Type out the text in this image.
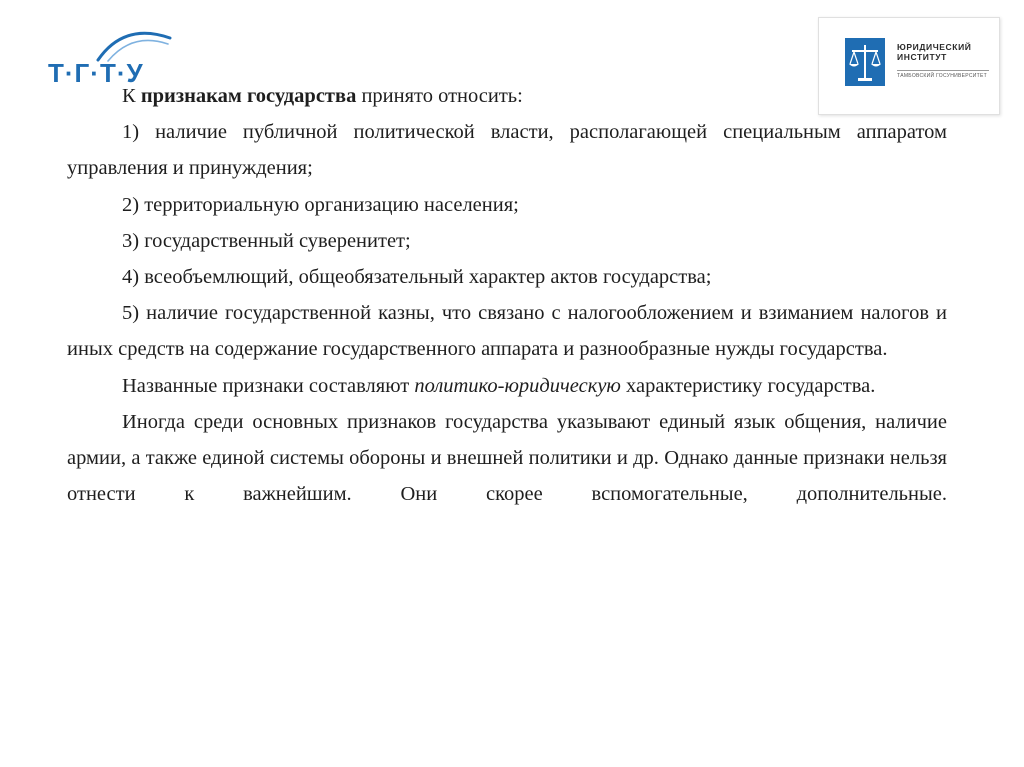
Т·Г·Т·У
ЮРИДИЧЕСКИЙ
ИНСТИТУТ
ТАМБОВСКИЙ ГОСУНИВЕРСИТЕТ

К признакам государства принято относить:

1) наличие публичной политической власти, располагающей специальным аппаратом управления и принуждения;

2) территориальную организацию населения;

3) государственный суверенитет;

4) всеобъемлющий, общеобязательный характер актов государства;

5) наличие государственной казны, что связано с налогообложением и взиманием налогов и иных средств на содержание государственного аппарата и разнообразные нужды государства.

Названные признаки составляют политико-юридическую характеристику государства.

Иногда среди основных признаков государства указывают единый язык общения, наличие армии, а также единой системы обороны и внешней политики и др. Однако данные признаки нельзя отнести к важнейшим. Они скорее вспомогательные, дополнительные.
